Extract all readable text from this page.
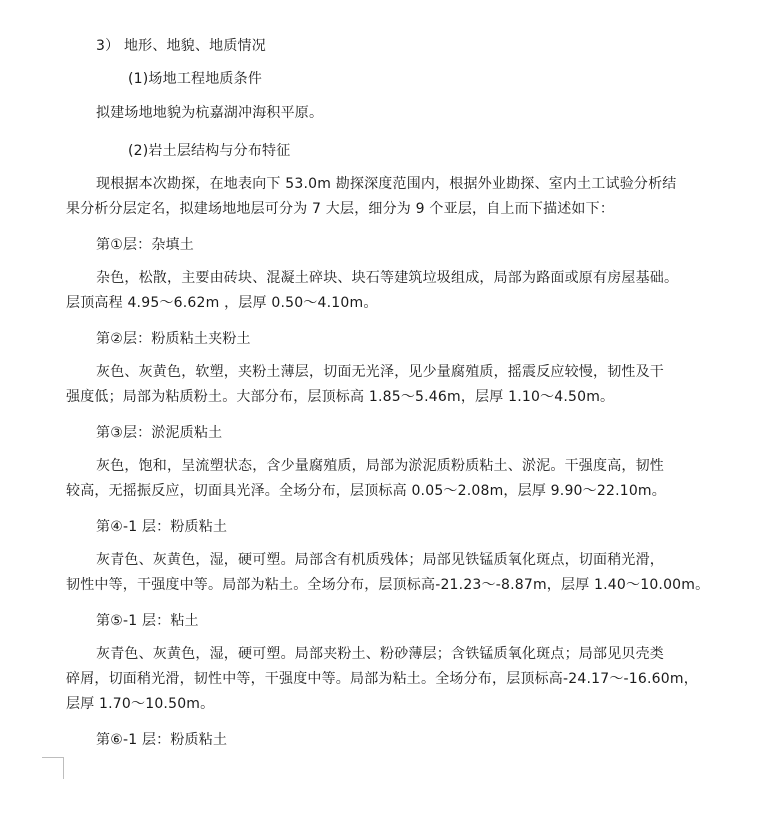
3） 地形、地貌、地质情况
(1)场地工程地质条件
拟建场地地貌为杭嘉湖冲海积平原。
(2)岩土层结构与分布特征
现根据本次勘探，在地表向下 53.0m 勘探深度范围内，根据外业勘探、室内土工试验分析结
果分析分层定名，拟建场地地层可分为 7 大层，细分为 9 个亚层，自上而下描述如下：
第①层：杂填土
杂色，松散，主要由砖块、混凝土碎块、块石等建筑垃圾组成，局部为路面或原有房屋基础。
层顶高程 4.95～6.62m ，层厚 0.50～4.10m。
第②层：粉质粘土夹粉土
灰色、灰黄色，软塑，夹粉土薄层，切面无光泽，见少量腐殖质，摇震反应较慢，韧性及干
强度低；局部为粘质粉土。大部分布，层顶标高 1.85～5.46m，层厚 1.10～4.50m。
第③层：淤泥质粘土
灰色，饱和，呈流塑状态，含少量腐殖质，局部为淤泥质粉质粘土、淤泥。干强度高，韧性
较高，无摇振反应，切面具光泽。全场分布，层顶标高 0.05～2.08m，层厚 9.90～22.10m。
第④-1 层：粉质粘土
灰青色、灰黄色，湿，硬可塑。局部含有机质残体；局部见铁锰质氧化斑点，切面稍光滑，
韧性中等，干强度中等。局部为粘土。全场分布，层顶标高-21.23～-8.87m，层厚 1.40～10.00m。
第⑤-1 层：粘土
灰青色、灰黄色，湿，硬可塑。局部夹粉土、粉砂薄层；含铁锰质氧化斑点；局部见贝壳类
碎屑，切面稍光滑，韧性中等，干强度中等。局部为粘土。全场分布，层顶标高-24.17～-16.60m，
层厚 1.70～10.50m。
第⑥-1 层：粉质粘土
